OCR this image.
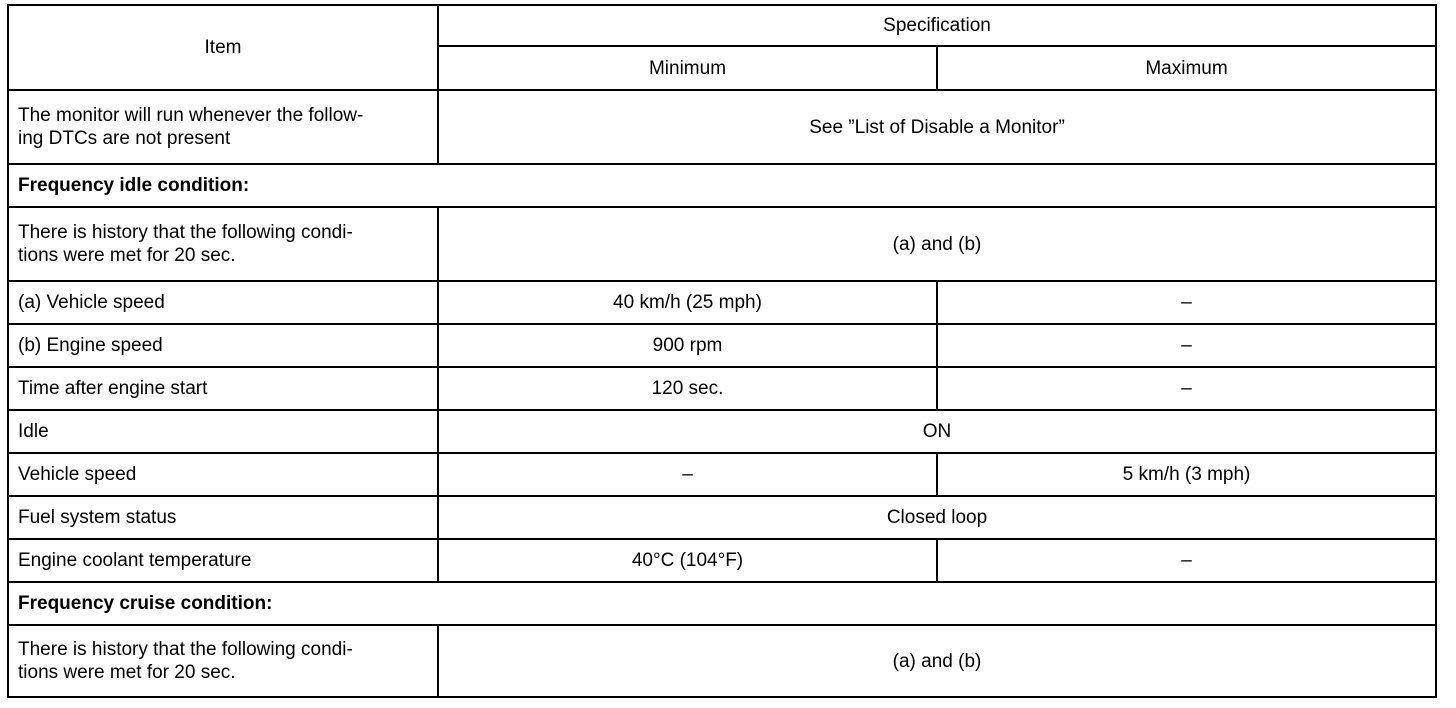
Item	Specification	
	Minimum	Maximum
The monitor will run whenever the follow-
ing DTCs are not present	See ”List of Disable a Monitor”	
Frequency idle condition:		
There is history that the following condi-
tions were met for 20 sec.	(a) and (b)	
(a) Vehicle speed	40 km/h (25 mph)	–
(b) Engine speed	900 rpm	–
Time after engine start	120 sec.	–
Idle	ON	
Vehicle speed	–	5 km/h (3 mph)
Fuel system status	Closed loop	
Engine coolant temperature	40°C (104°F)	–
Frequency cruise condition:		
There is history that the following condi-
tions were met for 20 sec.	(a) and (b)	
